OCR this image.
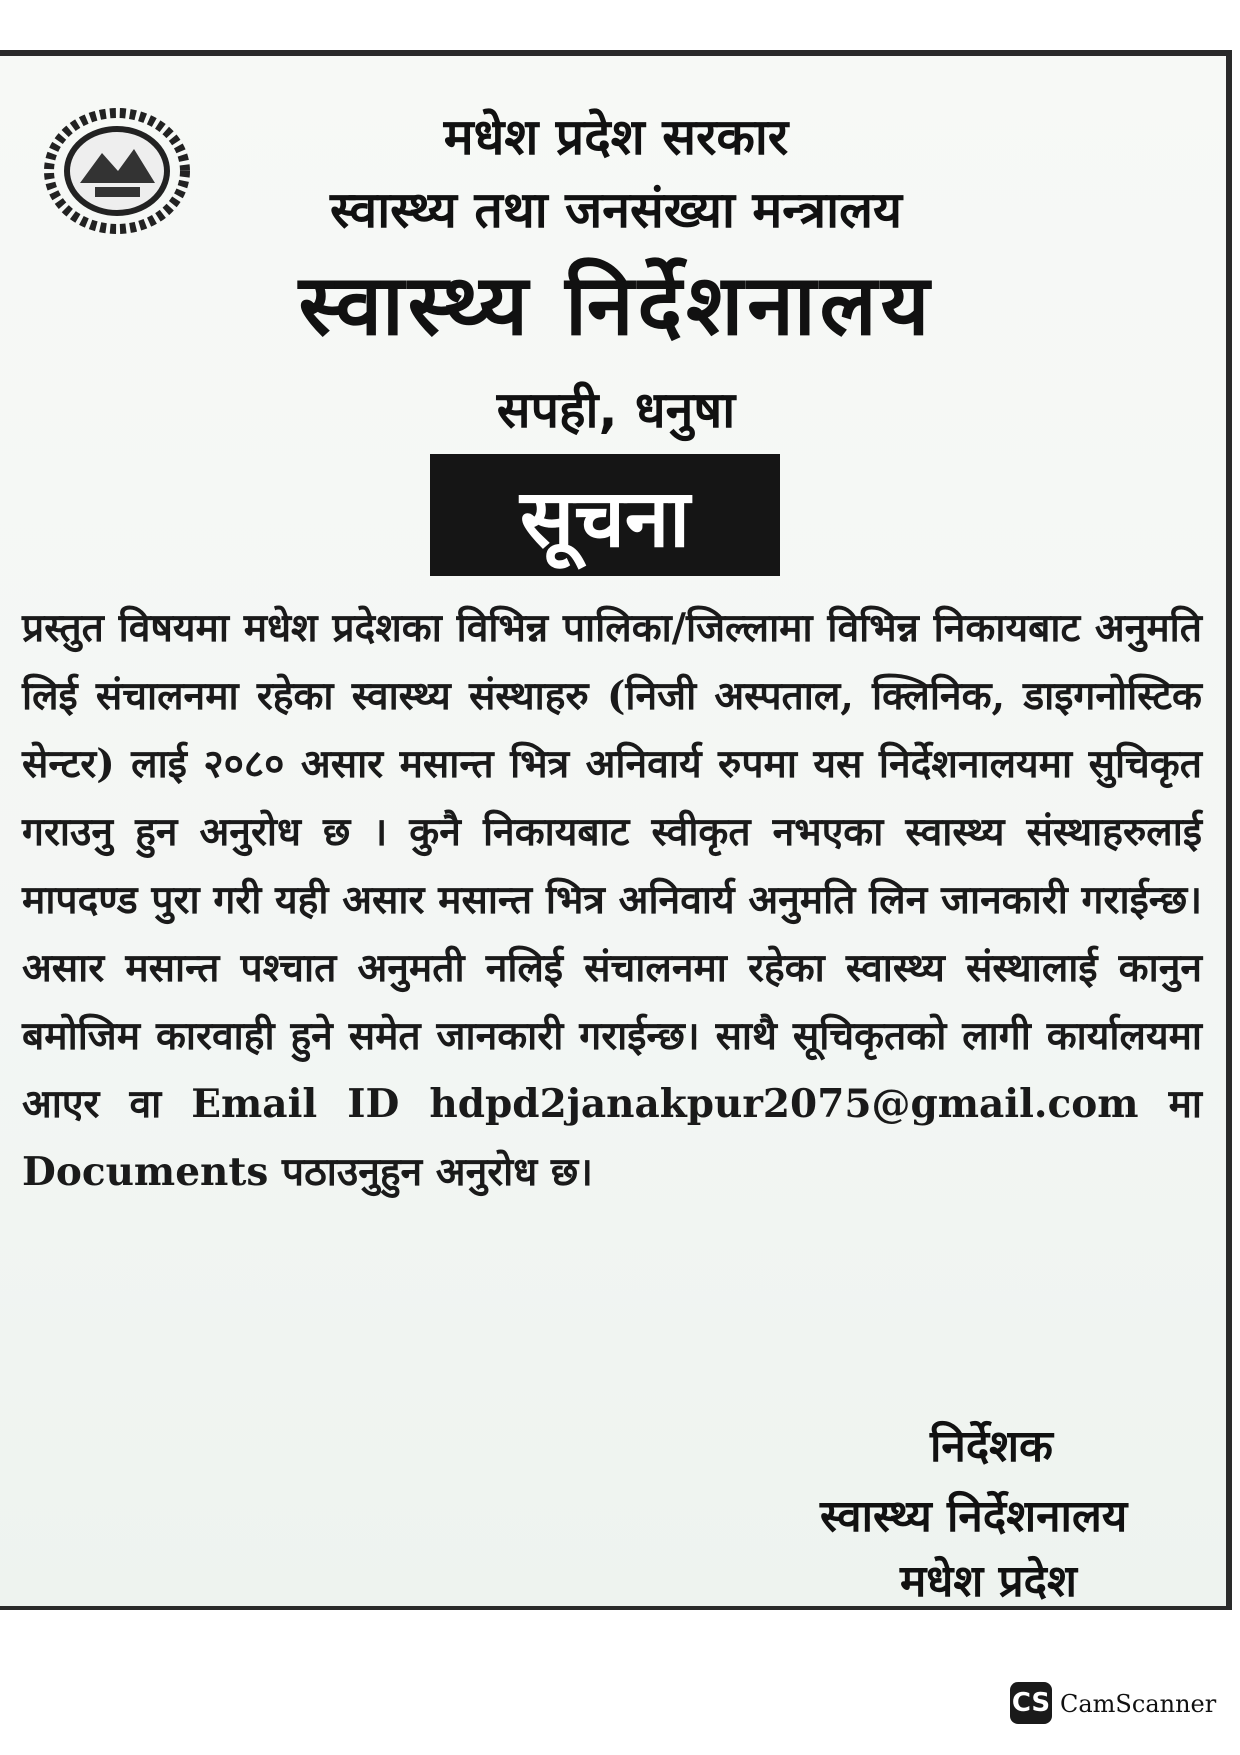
मधेश प्रदेश सरकार
स्वास्थ्य तथा जनसंख्या मन्त्रालय
स्वास्थ्य निर्देशनालय
सपही, धनुषा
सूचना
प्रस्तुत विषयमा मधेश प्रदेशका विभिन्न पालिका/जिल्लामा विभिन्न निकायबाट अनुमति लिई संचालनमा रहेका स्वास्थ्य संस्थाहरु (निजी अस्पताल, क्लिनिक, डाइगनोस्टिक सेन्टर) लाई २०८० असार मसान्त भित्र अनिवार्य रुपमा यस निर्देशनालयमा सुचिकृत गराउनु हुन अनुरोध छ । कुनै निकायबाट स्वीकृत नभएका स्वास्थ्य संस्थाहरुलाई मापदण्ड पुरा गरी यही असार मसान्त भित्र अनिवार्य अनुमति लिन जानकारी गराईन्छ। असार मसान्त पश्चात अनुमती नलिई संचालनमा रहेका स्वास्थ्य संस्थालाई कानुन बमोजिम कारवाही हुने समेत जानकारी गराईन्छ। साथै सूचिकृतको लागी कार्यालयमा आएर वा Email ID hdpd2janakpur2075@gmail.com मा Documents पठाउनुहुन अनुरोध छ।
निर्देशक
स्वास्थ्य निर्देशनालय
मधेश प्रदेश
CS CamScanner
